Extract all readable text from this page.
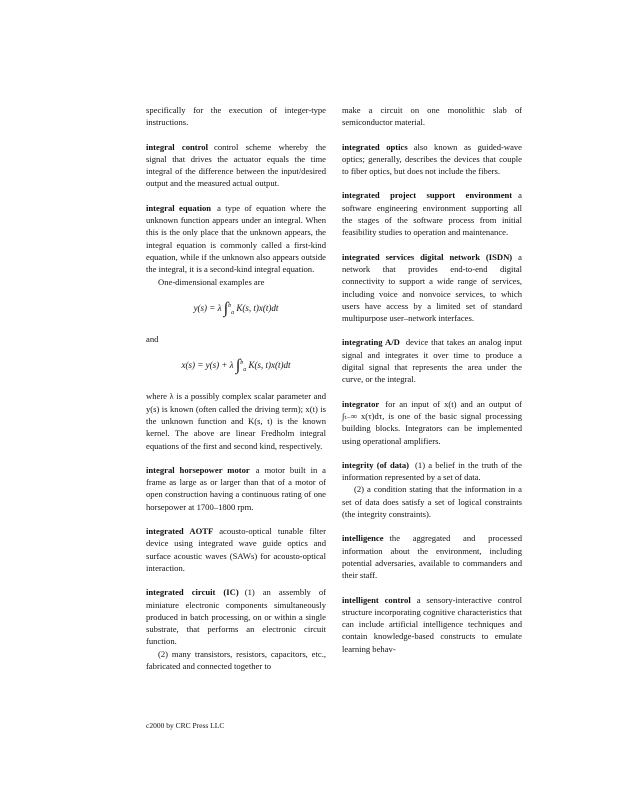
specifically for the execution of integer-type instructions.

integral control control scheme whereby the signal that drives the actuator equals the time integral of the difference between the input/desired output and the measured actual output.

integral equation a type of equation where the unknown function appears under an integral. When this is the only place that the unknown appears, the integral equation is commonly called a first-kind equation, while if the unknown also appears outside the integral, it is a second-kind integral equation.

One-dimensional examples are

y(s) = λ ∫$^b_a$ K(s, t)x(t)dt

and

x(s) = y(s) + λ ∫$^b_a$ K(s, t)x(t)dt

where λ is a possibly complex scalar parameter and y(s) is known (often called the driving term); x(t) is the unknown function and K(s, t) is the known kernel. The above are linear Fredholm integral equations of the first and second kind, respectively.

integral horsepower motor a motor built in a frame as large as or larger than that of a motor of open construction having a continuous rating of one horsepower at 1700–1800 rpm.

integrated AOTF acousto-optical tunable filter device using integrated wave guide optics and surface acoustic waves (SAWs) for acousto-optical interaction.

integrated circuit (IC) (1) an assembly of miniature electronic components simultaneously produced in batch processing, on or within a single substrate, that performs an electronic circuit function.

(2) many transistors, resistors, capacitors, etc., fabricated and connected together to

make a circuit on one monolithic slab of semiconductor material.

integrated optics also known as guided-wave optics; generally, describes the devices that couple to fiber optics, but does not include the fibers.

integrated project support environment a software engineering environment supporting all the stages of the software process from initial feasibility studies to operation and maintenance.

integrated services digital network (ISDN) a network that provides end-to-end digital connectivity to support a wide range of services, including voice and nonvoice services, to which users have access by a limited set of standard multipurpose user–network interfaces.

integrating A/D device that takes an analog input signal and integrates it over time to produce a digital signal that represents the area under the curve, or the integral.

integrator for an input of x(t) and an output of ∫ₜ₋∞ x(τ)dτ, is one of the basic signal processing building blocks. Integrators can be implemented using operational amplifiers.

integrity (of data) (1) a belief in the truth of the information represented by a set of data.

(2) a condition stating that the information in a set of data does satisfy a set of logical constraints (the integrity constraints).

intelligence the aggregated and processed information about the environment, including potential adversaries, available to commanders and their staff.

intelligent control a sensory-interactive control structure incorporating cognitive characteristics that can include artificial intelligence techniques and contain knowledge-based constructs to emulate learning behav-

c2000 by CRC Press LLC
